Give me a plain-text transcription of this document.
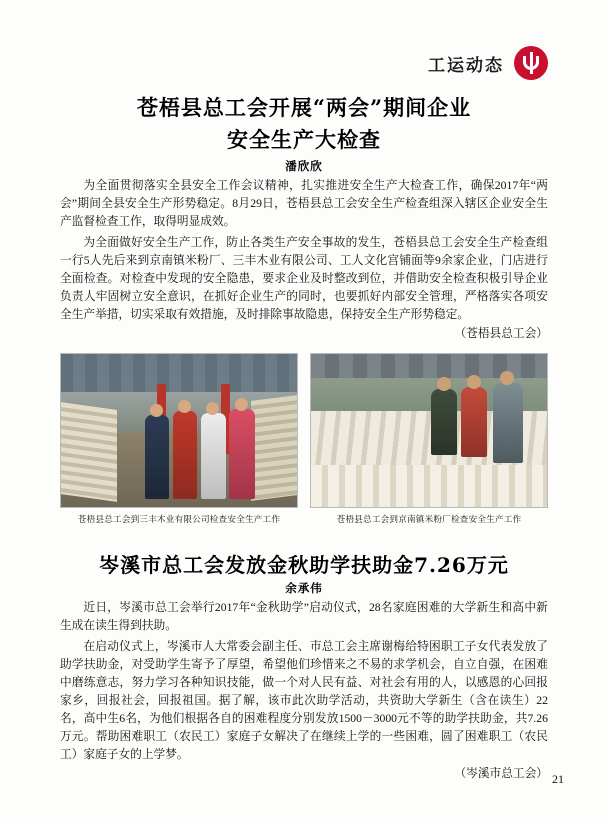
工运动态
苍梧县总工会开展“两会”期间企业
安全生产大检查
潘欣欣
为全面贯彻落实全县安全工作会议精神，扎实推进安全生产大检查工作，确保2017年“两会”期间全县安全生产形势稳定。8月29日，苍梧县总工会安全生产检查组深入辖区企业安全生产监督检查工作，取得明显成效。
为全面做好安全生产工作，防止各类生产安全事故的发生，苍梧县总工会安全生产检查组一行5人先后来到京南镇米粉厂、三丰木业有限公司、工人文化宫铺面等9余家企业，门店进行全面检查。对检查中发现的安全隐患，要求企业及时整改到位，并借助安全检查积极引导企业负责人牢固树立安全意识，在抓好企业生产的同时，也要抓好内部安全管理，严格落实各项安全生产举措，切实采取有效措施，及时排除事故隐患，保持安全生产形势稳定。
（苍梧县总工会）
苍梧县总工会到三丰木业有限公司检查安全生产工作	苍梧县总工会到京南镇米粉厂检查安全生产工作
岑溪市总工会发放金秋助学扶助金7.26万元
余承伟
近日，岑溪市总工会举行2017年“金秋助学”启动仪式，28名家庭困难的大学新生和高中新生成在读生得到扶助。
在启动仪式上，岑溪市人大常委会副主任、市总工会主席谢梅给特困职工子女代表发放了助学扶助金，对受助学生寄予了厚望，希望他们珍惜来之不易的求学机会，自立自强，在困难中磨练意志，努力学习各种知识技能，做一个对人民有益、对社会有用的人，以感恩的心回报家乡，回报社会，回报祖国。据了解，该市此次助学活动，共资助大学新生（含在读生）22名，高中生6名，为他们根据各自的困难程度分别发放1500－3000元不等的助学扶助金，共7.26万元。帮助困难职工（农民工）家庭子女解决了在继续上学的一些困难，圆了困难职工（农民工）家庭子女的上学梦。
（岑溪市总工会） 21
